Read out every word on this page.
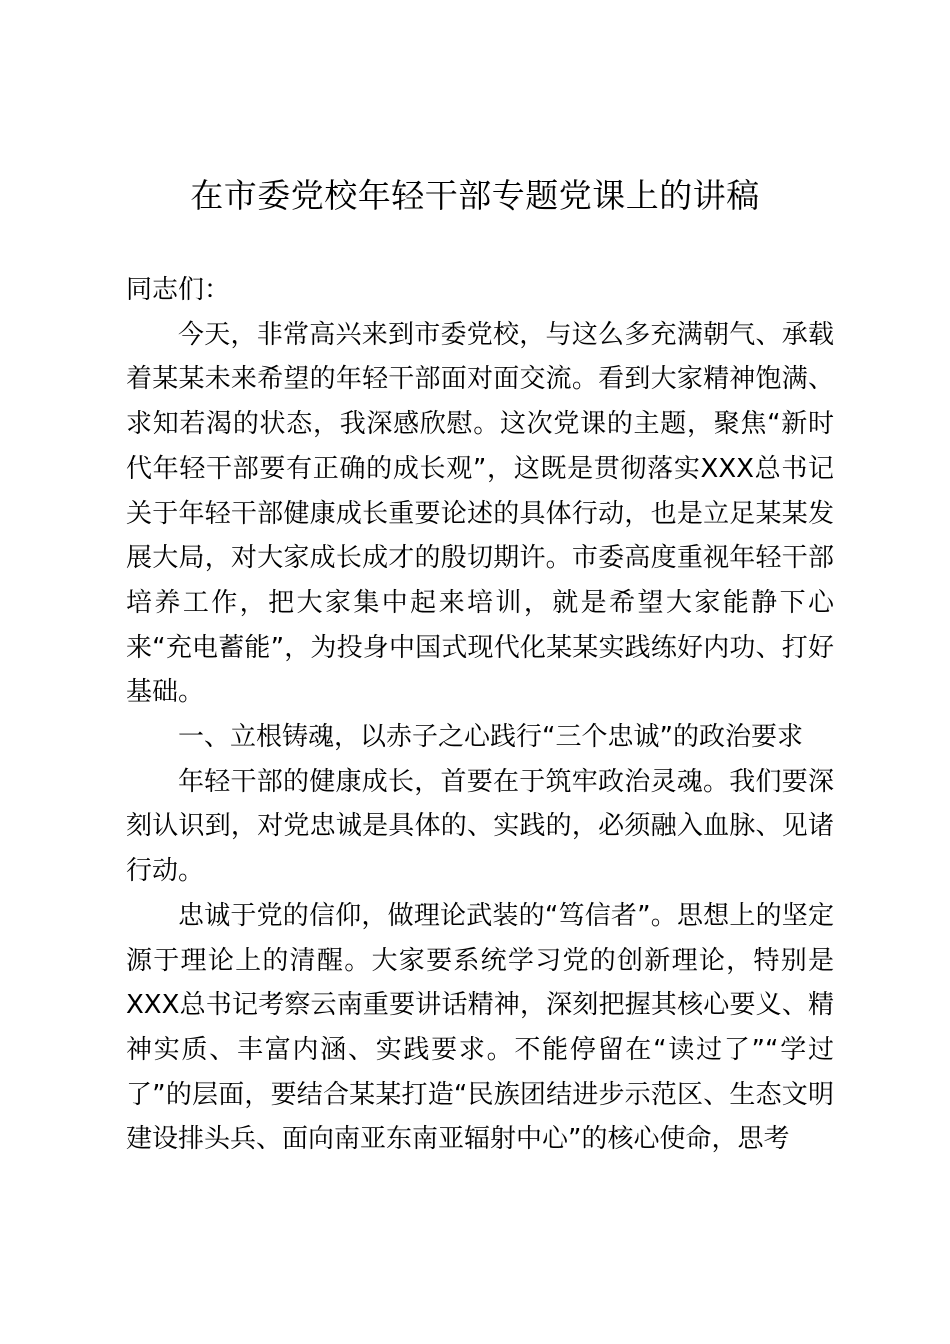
在市委党校年轻干部专题党课上的讲稿

同志们：

今天，非常高兴来到市委党校，与这么多充满朝气、承载着某某未来希望的年轻干部面对面交流。看到大家精神饱满、求知若渴的状态，我深感欣慰。这次党课的主题，聚焦“新时代年轻干部要有正确的成长观”，这既是贯彻落实XXX总书记关于年轻干部健康成长重要论述的具体行动，也是立足某某发展大局，对大家成长成才的殷切期许。市委高度重视年轻干部培养工作，把大家集中起来培训，就是希望大家能静下心来“充电蓄能”，为投身中国式现代化某某实践练好内功、打好基础。

一、立根铸魂，以赤子之心践行“三个忠诚”的政治要求

年轻干部的健康成长，首要在于筑牢政治灵魂。我们要深刻认识到，对党忠诚是具体的、实践的，必须融入血脉、见诸行动。

忠诚于党的信仰，做理论武装的“笃信者”。思想上的坚定源于理论上的清醒。大家要系统学习党的创新理论，特别是XXX总书记考察云南重要讲话精神，深刻把握其核心要义、精神实质、丰富内涵、实践要求。不能停留在“读过了”“学过了”的层面，要结合某某打造“民族团结进步示范区、生态文明建设排头兵、面向南亚东南亚辐射中心”的核心使命，思考
